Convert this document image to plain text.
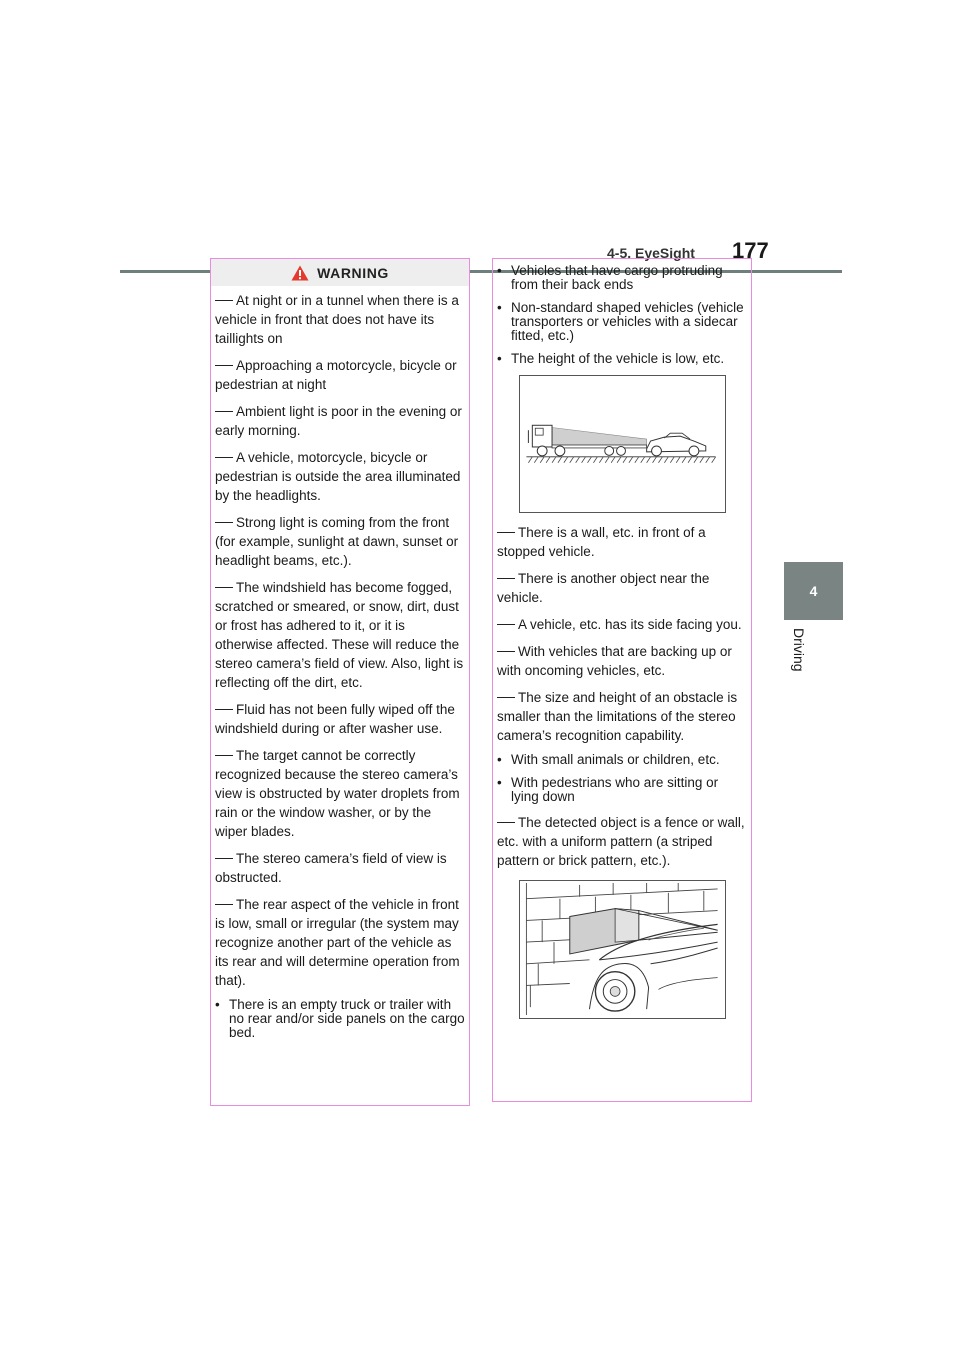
4-5. EyeSight 177
4
Driving
WARNING
At night or in a tunnel when there is a vehicle in front that does not have its taillights on
Approaching a motorcycle, bicycle or pedestrian at night
Ambient light is poor in the evening or early morning.
A vehicle, motorcycle, bicycle or pedestrian is outside the area illuminated by the headlights.
Strong light is coming from the front (for example, sunlight at dawn, sunset or headlight beams, etc.).
The windshield has become fogged, scratched or smeared, or snow, dirt, dust or frost has adhered to it, or it is otherwise affected. These will reduce the stereo camera’s field of view. Also, light is reflecting off the dirt, etc.
Fluid has not been fully wiped off the windshield during or after washer use.
The target cannot be correctly recognized because the stereo camera’s view is obstructed by water droplets from rain or the window washer, or by the wiper blades.
The stereo camera’s field of view is obstructed.
The rear aspect of the vehicle in front is low, small or irregular (the system may recognize another part of the vehicle as its rear and will determine operation from that).
• There is an empty truck or trailer with no rear and/or side panels on the cargo bed.
• Vehicles that have cargo protruding from their back ends
• Non-standard shaped vehicles (vehicle transporters or vehicles with a sidecar fitted, etc.)
• The height of the vehicle is low, etc.
There is a wall, etc. in front of a stopped vehicle.
There is another object near the vehicle.
A vehicle, etc. has its side facing you.
With vehicles that are backing up or with oncoming vehicles, etc.
The size and height of an obstacle is smaller than the limitations of the stereo camera’s recognition capability.
• With small animals or children, etc.
• With pedestrians who are sitting or lying down
The detected object is a fence or wall, etc. with a uniform pattern (a striped pattern or brick pattern, etc.).
